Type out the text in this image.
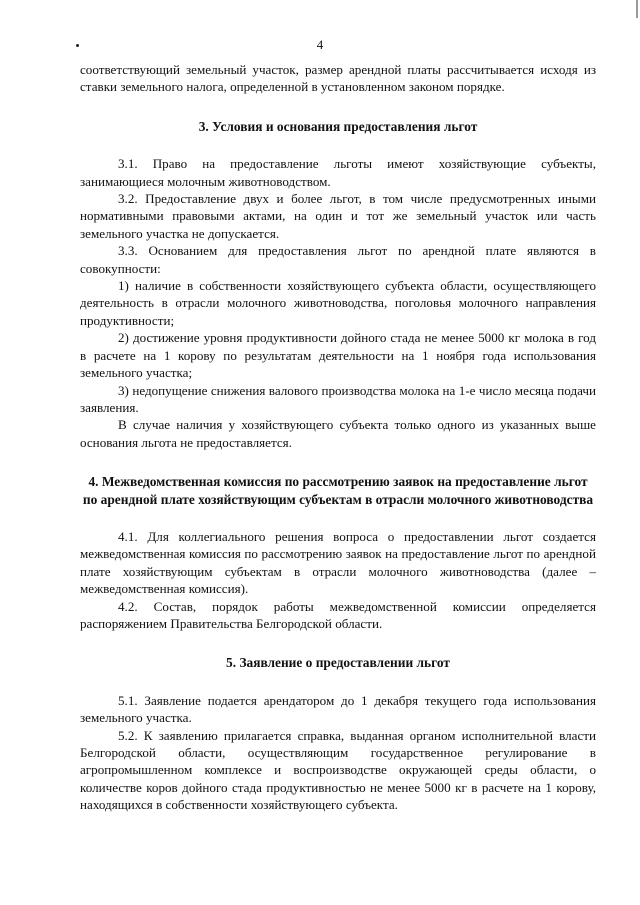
4

соответствующий земельный участок, размер арендной платы рассчитывается исходя из ставки земельного налога, определенной в установленном законом порядке.

3. Условия и основания предоставления льгот

3.1. Право на предоставление льготы имеют хозяйствующие субъекты, занимающиеся молочным животноводством.

3.2. Предоставление двух и более льгот, в том числе предусмотренных иными нормативными правовыми актами, на один и тот же земельный участок или часть земельного участка не допускается.

3.3. Основанием для предоставления льгот по арендной плате являются в совокупности:

1) наличие в собственности хозяйствующего субъекта области, осуществляющего деятельность в отрасли молочного животноводства, поголовья молочного направления продуктивности;

2) достижение уровня продуктивности дойного стада не менее 5000 кг молока в год в расчете на 1 корову по результатам деятельности на 1 ноября года использования земельного участка;

3) недопущение снижения валового производства молока на 1-е число месяца подачи заявления.

В случае наличия у хозяйствующего субъекта только одного из указанных выше основания льгота не предоставляется.

4. Межведомственная комиссия по рассмотрению заявок на предоставление льгот по арендной плате хозяйствующим субъектам в отрасли молочного животноводства

4.1. Для коллегиального решения вопроса о предоставлении льгот создается межведомственная комиссия по рассмотрению заявок на предоставление льгот по арендной плате хозяйствующим субъектам в отрасли молочного животноводства (далее – межведомственная комиссия).

4.2. Состав, порядок работы межведомственной комиссии определяется распоряжением Правительства Белгородской области.

5. Заявление о предоставлении льгот

5.1. Заявление подается арендатором до 1 декабря текущего года использования земельного участка.

5.2. К заявлению прилагается справка, выданная органом исполнительной власти Белгородской области, осуществляющим государственное регулирование в агропромышленном комплексе и воспроизводстве окружающей среды области, о количестве коров дойного стада продуктивностью не менее 5000 кг в расчете на 1 корову, находящихся в собственности хозяйствующего субъекта.
